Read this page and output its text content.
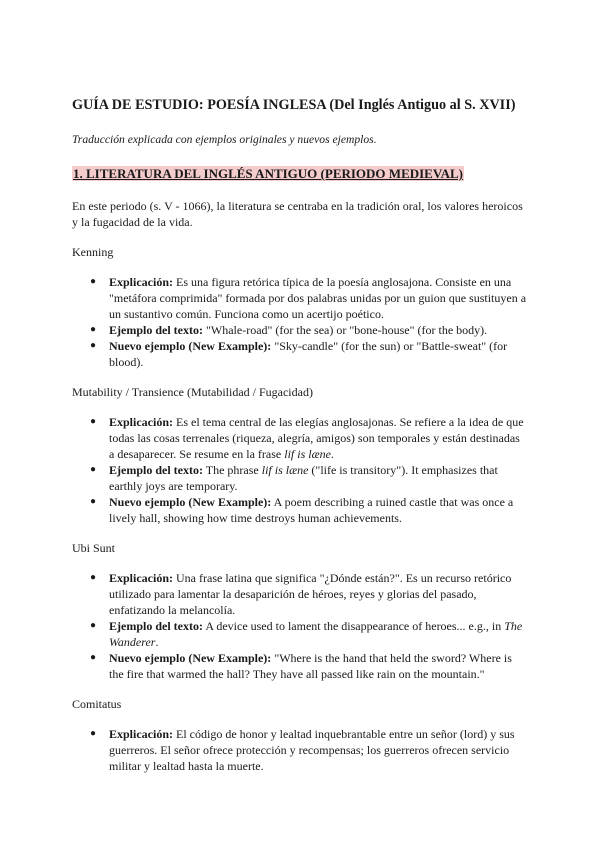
GUÍA DE ESTUDIO: POESÍA INGLESA (Del Inglés Antiguo al S. XVII)

Traducción explicada con ejemplos originales y nuevos ejemplos.

1. LITERATURA DEL INGLÉS ANTIGUO (PERIODO MEDIEVAL)

En este periodo (s. V - 1066), la literatura se centraba en la tradición oral, los valores heroicos y la fugacidad de la vida.

Kenning
● Explicación: Es una figura retórica típica de la poesía anglosajona. Consiste en una "metáfora comprimida" formada por dos palabras unidas por un guion que sustituyen a un sustantivo común. Funciona como un acertijo poético.
● Ejemplo del texto: "Whale-road" (for the sea) or "bone-house" (for the body).
● Nuevo ejemplo (New Example): "Sky-candle" (for the sun) or "Battle-sweat" (for blood).
Mutability / Transience (Mutabilidad / Fugacidad)
● Explicación: Es el tema central de las elegías anglosajonas. Se refiere a la idea de que todas las cosas terrenales (riqueza, alegría, amigos) son temporales y están destinadas a desaparecer. Se resume en la frase lif is læne.
● Ejemplo del texto: The phrase lif is læne ("life is transitory"). It emphasizes that earthly joys are temporary.
● Nuevo ejemplo (New Example): A poem describing a ruined castle that was once a lively hall, showing how time destroys human achievements.
Ubi Sunt
● Explicación: Una frase latina que significa "¿Dónde están?". Es un recurso retórico utilizado para lamentar la desaparición de héroes, reyes y glorias del pasado, enfatizando la melancolía.
● Ejemplo del texto: A device used to lament the disappearance of heroes... e.g., in The Wanderer.
● Nuevo ejemplo (New Example): "Where is the hand that held the sword? Where is the fire that warmed the hall? They have all passed like rain on the mountain."
Comitatus
● Explicación: El código de honor y lealtad inquebrantable entre un señor (lord) y sus guerreros. El señor ofrece protección y recompensas; los guerreros ofrecen servicio militar y lealtad hasta la muerte.
